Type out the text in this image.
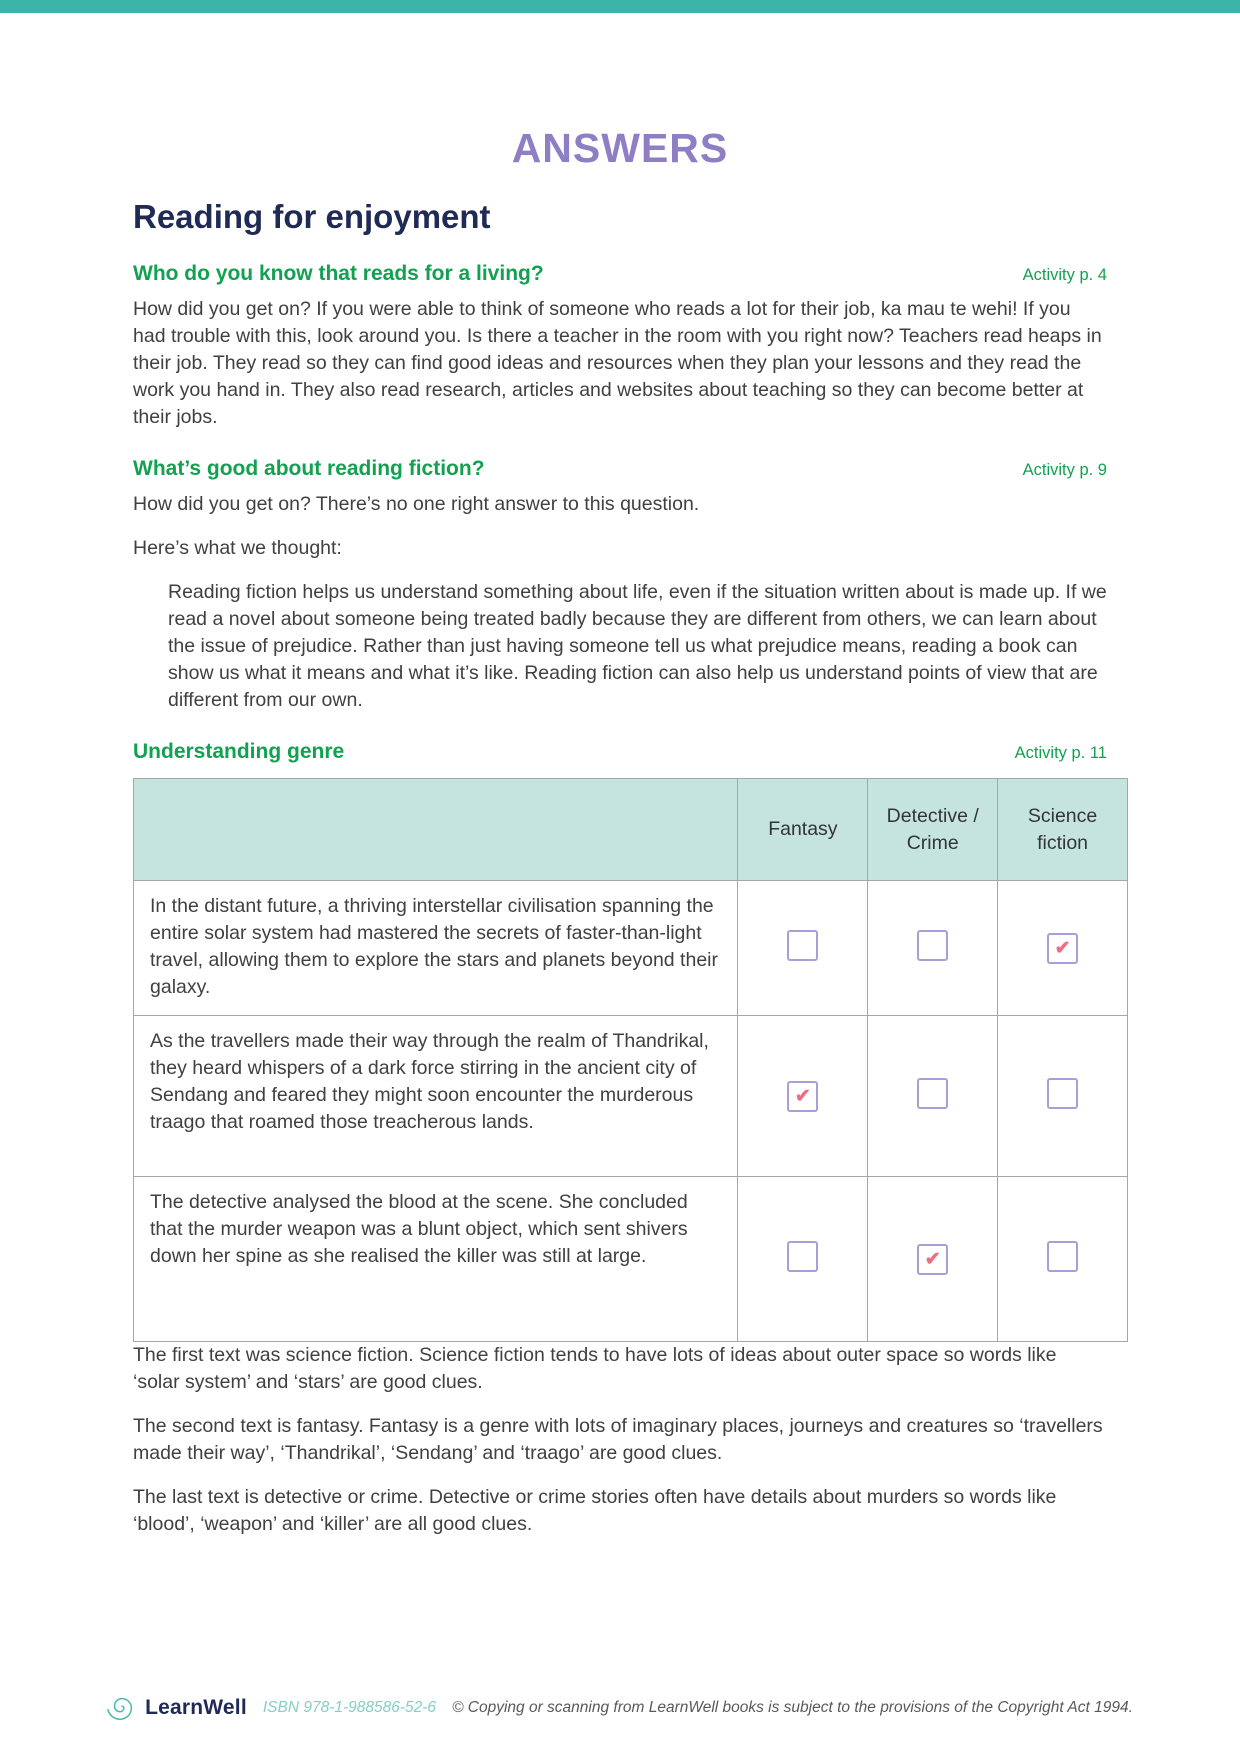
ANSWERS
Reading for enjoyment
Who do you know that reads for a living?	Activity p. 4

How did you get on? If you were able to think of someone who reads a lot for their job, ka mau te wehi! If you had trouble with this, look around you. Is there a teacher in the room with you right now? Teachers read heaps in their job. They read so they can find good ideas and resources when they plan your lessons and they read the work you hand in. They also read research, articles and websites about teaching so they can become better at their jobs.

What’s good about reading fiction?	Activity p. 9

How did you get on? There’s no one right answer to this question.

Here’s what we thought:

Reading fiction helps us understand something about life, even if the situation written about is made up. If we read a novel about someone being treated badly because they are different from others, we can learn about the issue of prejudice. Rather than just having someone tell us what prejudice means, reading a book can show us what it means and what it’s like. Reading fiction can also help us understand points of view that are different from our own.

Understanding genre	Activity p. 11
	Fantasy	Detective / Crime	Science fiction
In the distant future, a thriving interstellar civilisation spanning the entire solar system had mastered the secrets of faster-than-light travel, allowing them to explore the stars and planets beyond their galaxy.			✔
As the travellers made their way through the realm of Thandrikal, they heard whispers of a dark force stirring in the ancient city of Sendang and feared they might soon encounter the murderous traago that roamed those treacherous lands.	✔		
The detective analysed the blood at the scene. She concluded that the murder weapon was a blunt object, which sent shivers down her spine as she realised the killer was still at large.		✔	

The first text was science fiction. Science fiction tends to have lots of ideas about outer space so words like ‘solar system’ and ‘stars’ are good clues.

The second text is fantasy. Fantasy is a genre with lots of imaginary places, journeys and creatures so ‘travellers made their way’, ‘Thandrikal’, ‘Sendang’ and ‘traago’ are good clues.

The last text is detective or crime. Detective or crime stories often have details about murders so words like ‘blood’, ‘weapon’ and ‘killer’ are all good clues.

LearnWell ISBN 978-1-988586-52-6 © Copying or scanning from LearnWell books is subject to the provisions of the Copyright Act 1994.
